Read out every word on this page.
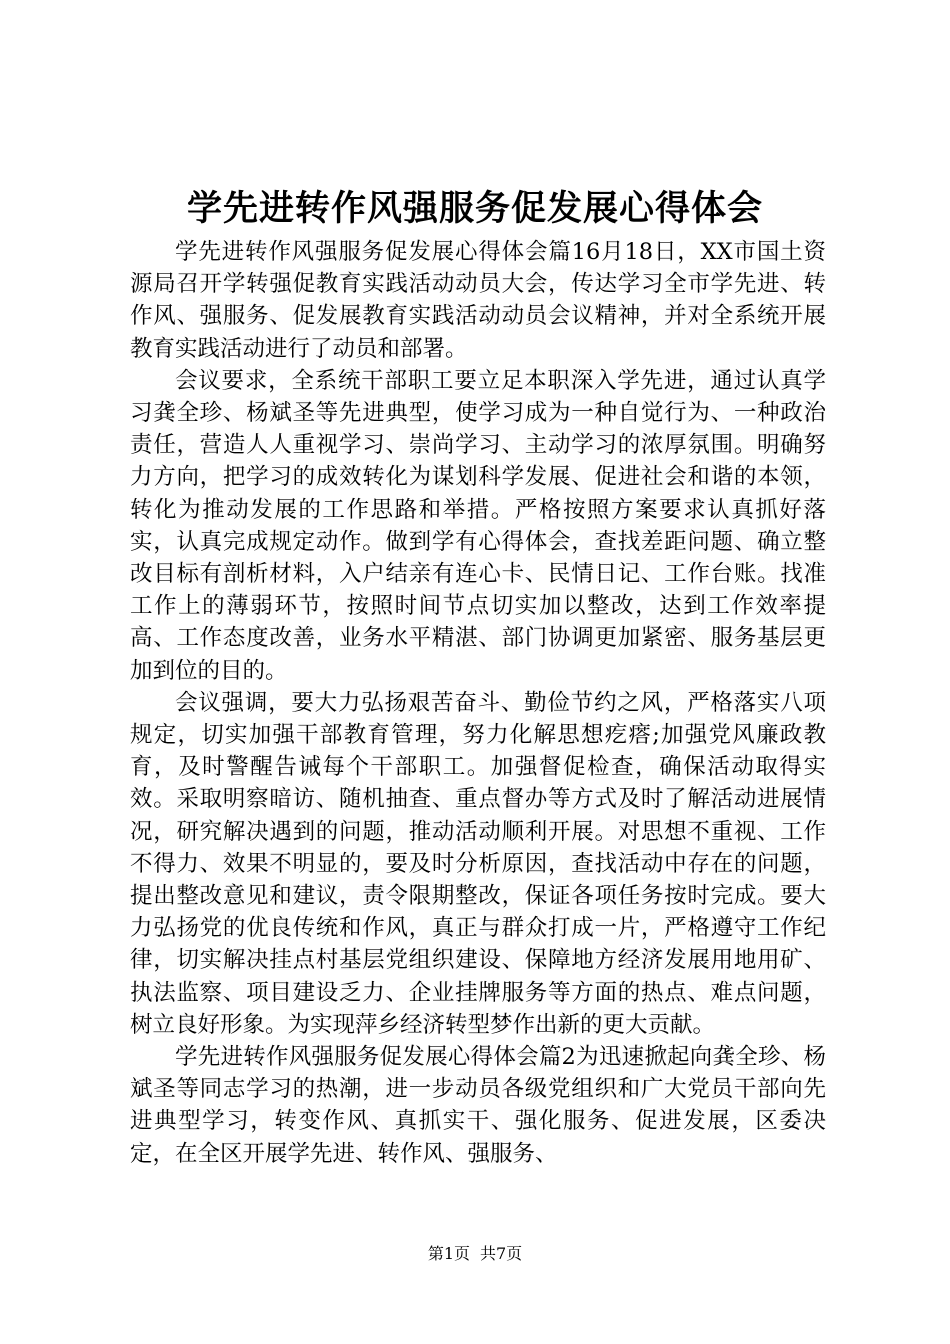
学先进转作风强服务促发展心得体会

学先进转作风强服务促发展心得体会篇16月18日，XX市国土资源局召开学转强促教育实践活动动员大会，传达学习全市学先进、转作风、强服务、促发展教育实践活动动员会议精神，并对全系统开展教育实践活动进行了动员和部署。

会议要求，全系统干部职工要立足本职深入学先进，通过认真学习龚全珍、杨斌圣等先进典型，使学习成为一种自觉行为、一种政治责任，营造人人重视学习、崇尚学习、主动学习的浓厚氛围。明确努力方向，把学习的成效转化为谋划科学发展、促进社会和谐的本领，转化为推动发展的工作思路和举措。严格按照方案要求认真抓好落实，认真完成规定动作。做到学有心得体会，查找差距问题、确立整改目标有剖析材料，入户结亲有连心卡、民情日记、工作台账。找准工作上的薄弱环节，按照时间节点切实加以整改，达到工作效率提高、工作态度改善，业务水平精湛、部门协调更加紧密、服务基层更加到位的目的。

会议强调，要大力弘扬艰苦奋斗、勤俭节约之风，严格落实八项规定，切实加强干部教育管理，努力化解思想疙瘩;加强党风廉政教育，及时警醒告诫每个干部职工。加强督促检查，确保活动取得实效。采取明察暗访、随机抽查、重点督办等方式及时了解活动进展情况，研究解决遇到的问题，推动活动顺利开展。对思想不重视、工作不得力、效果不明显的，要及时分析原因，查找活动中存在的问题，提出整改意见和建议，责令限期整改，保证各项任务按时完成。要大力弘扬党的优良传统和作风，真正与群众打成一片，严格遵守工作纪律，切实解决挂点村基层党组织建设、保障地方经济发展用地用矿、执法监察、项目建设乏力、企业挂牌服务等方面的热点、难点问题，树立良好形象。为实现萍乡经济转型梦作出新的更大贡献。

学先进转作风强服务促发展心得体会篇2为迅速掀起向龚全珍、杨斌圣等同志学习的热潮，进一步动员各级党组织和广大党员干部向先进典型学习，转变作风、真抓实干、强化服务、促进发展，区委决定，在全区开展学先进、转作风、强服务、

第1页 共7页
